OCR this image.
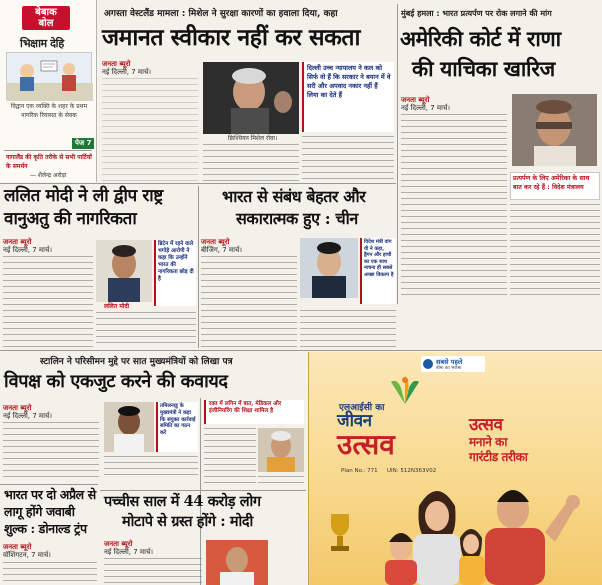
बेबाक
बोल
भिक्षाम देहि
विद्वान एक व्यक्ति के शहर के प्रथम नागरिक रियासत के सेवक
पेज 7
नागालैंड की कृति तरीके से सभी पार्टियों के समर्थन
— शैलेन्द्र अरोड़ा
अगस्ता वेस्टलैंड मामला : मिशेल ने सुरक्षा कारणों का हवाला दिया, कहा
जमानत स्वीकार नहीं कर सकता
जनता ब्यूरो
नई दिल्ली, 7 मार्च।
क्रिश्चियन मिशेल रोवा।
दिल्ली उच्च न्यायालय ने कल को सिर्फ वो हैं कि सरकार ने बयान में वे सरी और अपवाद नकार नहीं हैं लिया का देते हैं
मुंबई हमला : भारत प्रत्यर्पण पर रोक लगाने की मांग
अमेरिकी कोर्ट में राणा
की याचिका खारिज
जनता ब्यूरो
नई दिल्ली, 7 मार्च।
प्रत्यर्पण के लिए अमेरिका के साथ बात कर रहे हैं : विदेश मंत्रालय
ललित मोदी ने ली द्वीप राष्ट्र
वानुअतु की नागरिकता
जनता ब्यूरो
नई दिल्ली, 7 मार्च।
ललित मोदी
ब्रिटेन में रहने वाले भगोड़े आरोपी ने कहा कि उन्होंने भारत की नागरिकता छोड़ दी है
भारत से संबंध बेहतर और
सकारात्मक हुए : चीन
जनता ब्यूरो
बीजिंग, 7 मार्च।
विदेश मंत्री वांग यी ने कहा, ड्रैगन और हाथी का एक साथ नाचना ही सबसे अच्छा विकल्प है
स्टालिन ने परिसीमन मुद्दे पर सात मुख्यमंत्रियों को लिखा पत्र
विपक्ष को एकजुट करने की कवायद
जनता ब्यूरो
नई दिल्ली, 7 मार्च।
तमिलनाडु के मुख्यमंत्री ने कहा कि संयुक्त कार्रवाई समिति का गठन करें
रक्त में लगिन में बात, मेडिकल और इंजीनियरिंग की शिक्षा शामिल है
पच्चीस साल में 44 करोड़ लोग
मोटापे से ग्रस्त होंगे : मोदी
जनता ब्यूरो
नई दिल्ली, 7 मार्च।
भारत पर दो अप्रैल से
लागू होंगे जवाबी
शुल्क : डोनाल्ड ट्रंप
जनता ब्यूरो
वॉशिंगटन, 7 मार्च।
सबसे पहले
बीमा का भरोसा
एलआईसी का
जीवन
उत्सव
Plan No.: 771 UIN: 512N363V02
उत्सव
मनाने का
गारंटीड तरीका
